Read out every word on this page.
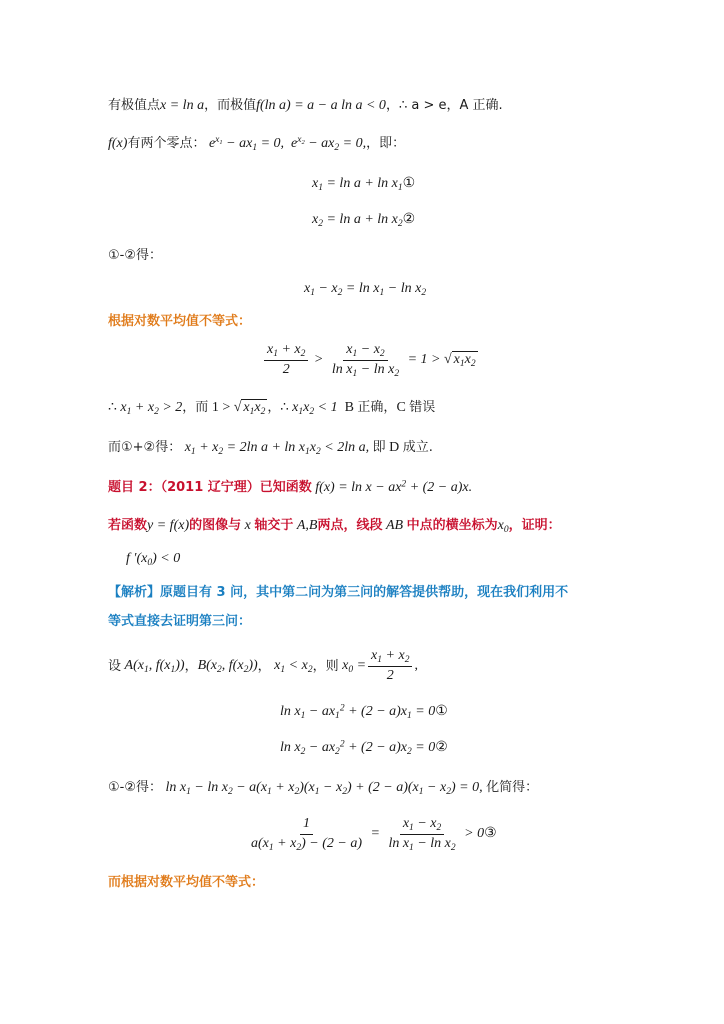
有极值点x = ln a，而极值f(ln a) = a − a ln a < 0，∴ a > e，A 正确.
f(x)有两个零点： $e^{x_1} - ax_1 = 0$,  $e^{x_2} - ax_2 = 0$,，即：
$x_1 = \ln a + \ln$ $x_1①$
$x_2 = \ln a + \ln$ $x_2②$
①-②得：
$x_1 - x_2 = \ln x_1 - \ln x_2$
根据对数平均值不等式：
$\frac{x_1 + x_2}{2} > \frac{x_1 - x_2}{\ln x_1 - \ln x_2}$
= 1 >
√ $x_1x_2$
∴ $x_1 + x_2 > 2$，而 1 > √ $x_1x_2$ ，∴ $x_1x_2 < 1$  B 正确，C 错误
而①+②得： $x_1 + x_2 = 2\ln$ $a + \ln x_1x_2 < 2\ln$ a, 即 D 成立.
题目 2：（2011 辽宁理）已知函数 $f(x) = \ln x - ax^2 + (2 - a)x$.
若函数y = f(x)的图像与 x 轴交于 A,B两点，线段 AB 中点的横坐标为$x_0$，证明：
f $'(x_0) < 0$
【解析】原题目有 3 问，其中第二问为第三问的解答提供帮助，现在我们利用不
等式直接去证明第三问：
设
$A(x_1$, $f(x_1)$) ， $B(x_2$, $f(x_2)$) ，
$x_1 < x_2$ ，则
$x_0 = \frac{x_1 + x_2}{2}$ ,
$\ln x_1 - ax_1^2 + (2 - a)x_1$ = 0①
$\ln x_2 - ax_2^2 + (2 - a)x_2$ = 0②
①-②得： $\ln x_1 - \ln x_2 - a(x_1 + x_2)(x_1 - x_2) + (2 - a)(x_1 - x_2) = 0$, 化简得：
$\frac{1}{a(x_1 + x_2) - (2 - a)} = \frac{x_1 - x_2}{\ln x_1 - \ln x_2}$
> 0 ③
而根据对数平均值不等式：
